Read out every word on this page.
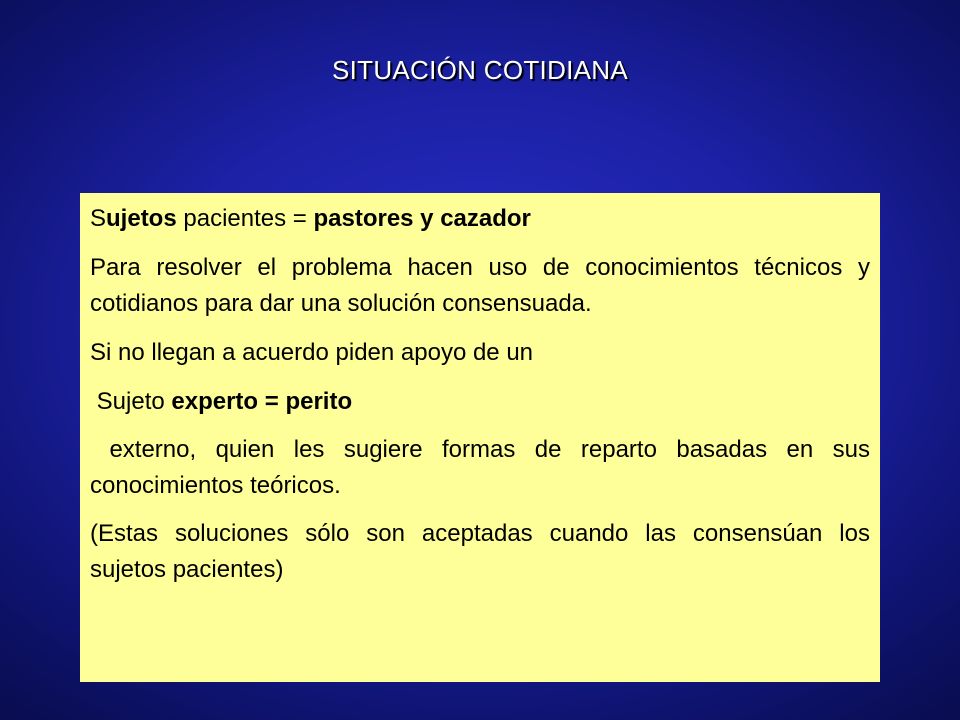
SITUACIÓN COTIDIANA

Sujetos pacientes = pastores y cazador

Para resolver el problema hacen uso de conocimientos técnicos y cotidianos para dar una solución consensuada.

Si no llegan a acuerdo piden apoyo de un

Sujeto experto = perito

externo, quien les sugiere formas de reparto basadas en sus conocimientos teóricos.

(Estas soluciones sólo son aceptadas cuando las consensúan los sujetos pacientes)
